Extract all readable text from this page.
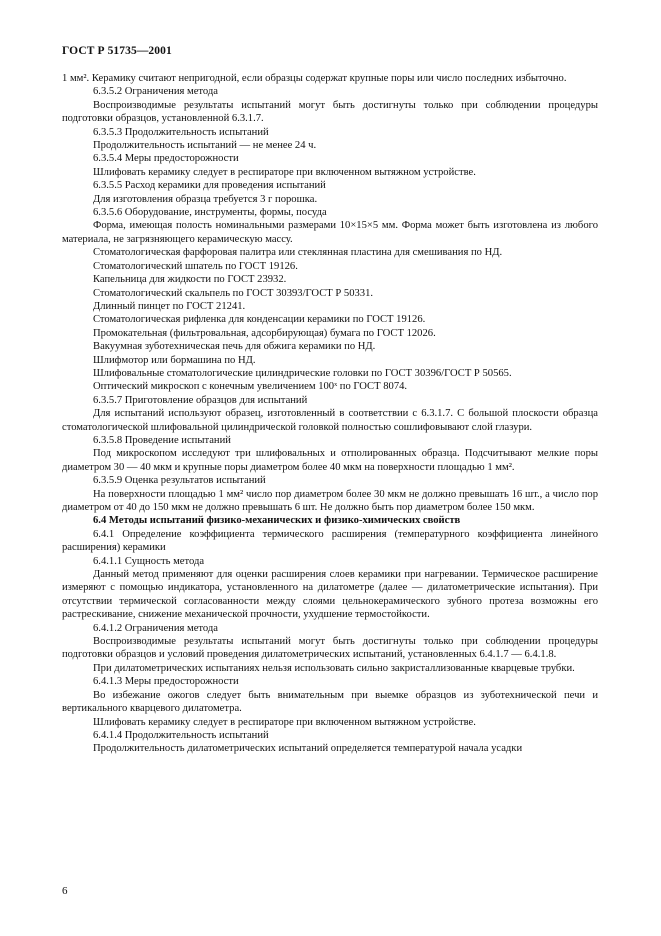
ГОСТ Р 51735—2001

1 мм². Керамику считают непригодной, если образцы содержат крупные поры или число последних избыточно.

6.3.5.2 Ограничения метода

Воспроизводимые результаты испытаний могут быть достигнуты только при соблюдении процедуры подготовки образцов, установленной 6.3.1.7.

6.3.5.3 Продолжительность испытаний

Продолжительность испытаний — не менее 24 ч.

6.3.5.4 Меры предосторожности

Шлифовать керамику следует в респираторе при включенном вытяжном устройстве.

6.3.5.5 Расход керамики для проведения испытаний

Для изготовления образца требуется 3 г порошка.

6.3.5.6 Оборудование, инструменты, формы, посуда

Форма, имеющая полость номинальными размерами 10×15×5 мм. Форма может быть изготовлена из любого материала, не загрязняющего керамическую массу.

Стоматологическая фарфоровая палитра или стеклянная пластина для смешивания по НД.

Стоматологический шпатель по ГОСТ 19126.

Капельница для жидкости по ГОСТ 23932.

Стоматологический скальпель по ГОСТ 30393/ГОСТ Р 50331.

Длинный пинцет по ГОСТ 21241.

Стоматологическая рифленка для конденсации керамики по ГОСТ 19126.

Промокательная (фильтровальная, адсорбирующая) бумага по ГОСТ 12026.

Вакуумная зуботехническая печь для обжига керамики по НД.

Шлифмотор или бормашина по НД.

Шлифовальные стоматологические цилиндрические головки по ГОСТ 30396/ГОСТ Р 50565.

Оптический микроскоп с конечным увеличением 100ˣ по ГОСТ 8074.

6.3.5.7 Приготовление образцов для испытаний

Для испытаний используют образец, изготовленный в соответствии с 6.3.1.7. С большой плоскости образца стоматологической шлифовальной цилиндрической головкой полностью сошлифовывают слой глазури.

6.3.5.8 Проведение испытаний

Под микроскопом исследуют три шлифовальных и отполированных образца. Подсчитывают мелкие поры диаметром 30 — 40 мкм и крупные поры диаметром более 40 мкм на поверхности площадью 1 мм².

6.3.5.9 Оценка результатов испытаний

На поверхности площадью 1 мм² число пор диаметром более 30 мкм не должно превышать 16 шт., а число пор диаметром от 40 до 150 мкм не должно превышать 6 шт. Не должно быть пор диаметром более 150 мкм.

6.4 Методы испытаний физико-механических и физико-химических свойств

6.4.1 Определение коэффициента термического расширения (температурного коэффициента линейного расширения) керамики

6.4.1.1 Сущность метода

Данный метод применяют для оценки расширения слоев керамики при нагревании. Термическое расширение измеряют с помощью индикатора, установленного на дилатометре (далее — дилатометрические испытания). При отсутствии термической согласованности между слоями цельнокерамического зубного протеза возможны его растрескивание, снижение механической прочности, ухудшение термостойкости.

6.4.1.2 Ограничения метода

Воспроизводимые результаты испытаний могут быть достигнуты только при соблюдении процедуры подготовки образцов и условий проведения дилатометрических испытаний, установленных 6.4.1.7 — 6.4.1.8.

При дилатометрических испытаниях нельзя использовать сильно закристаллизованные кварцевые трубки.

6.4.1.3 Меры предосторожности

Во избежание ожогов следует быть внимательным при выемке образцов из зуботехнической печи и вертикального кварцевого дилатометра.

Шлифовать керамику следует в респираторе при включенном вытяжном устройстве.

6.4.1.4 Продолжительность испытаний

Продолжительность дилатометрических испытаний определяется температурой начала усадки

6
